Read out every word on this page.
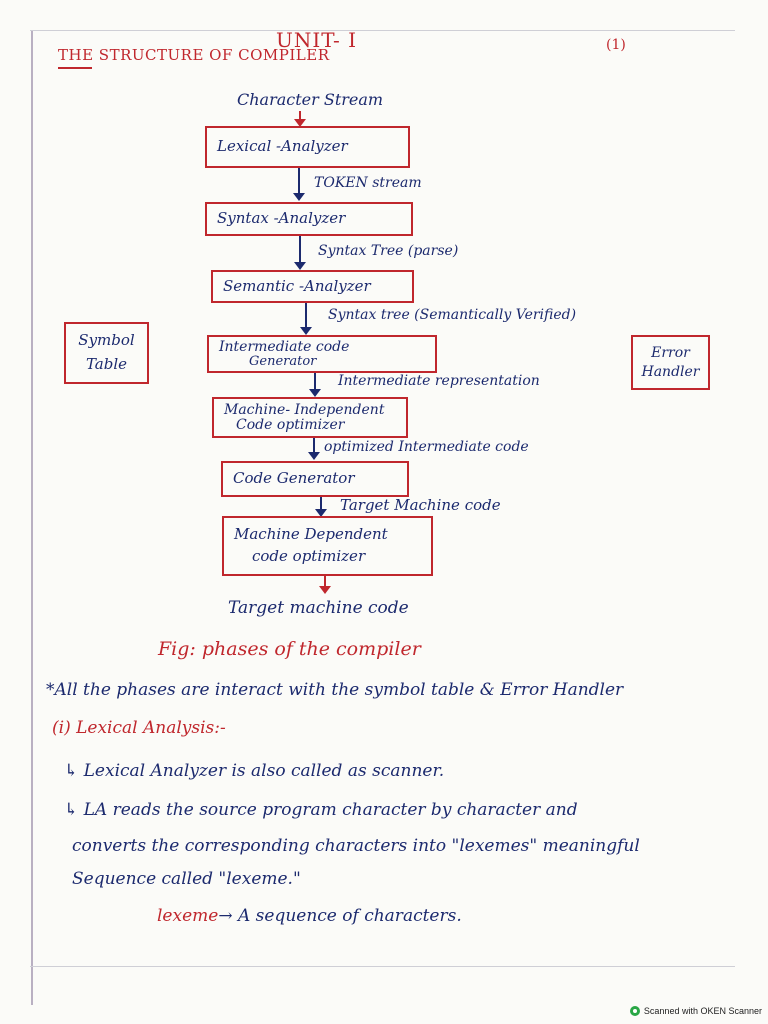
UNIT- I	(1)
THE STRUCTURE OF COMPILER
Character Stream
Lexical -Analyzer
TOKEN stream
Syntax -Analyzer
Syntax Tree (parse)
Semantic -Analyzer
Syntax tree (Semantically Verified)
Intermediate code
Generator
Intermediate representation
Machine- Independent
Code optimizer
optimized Intermediate code
Code Generator
Target Machine code
Machine Dependent
code optimizer
Target machine code
Symbol
Table
Error
Handler
Fig: phases of the compiler
*All the phases are interact with the symbol table & Error Handler
(i) Lexical Analysis:-
↳ Lexical Analyzer is also called as scanner.
↳ LA reads the source program character by character and
converts the corresponding characters into "lexemes" meaningful
Sequence called "lexeme."
lexeme→ A sequence of characters.
Scanned with OKEN Scanner
